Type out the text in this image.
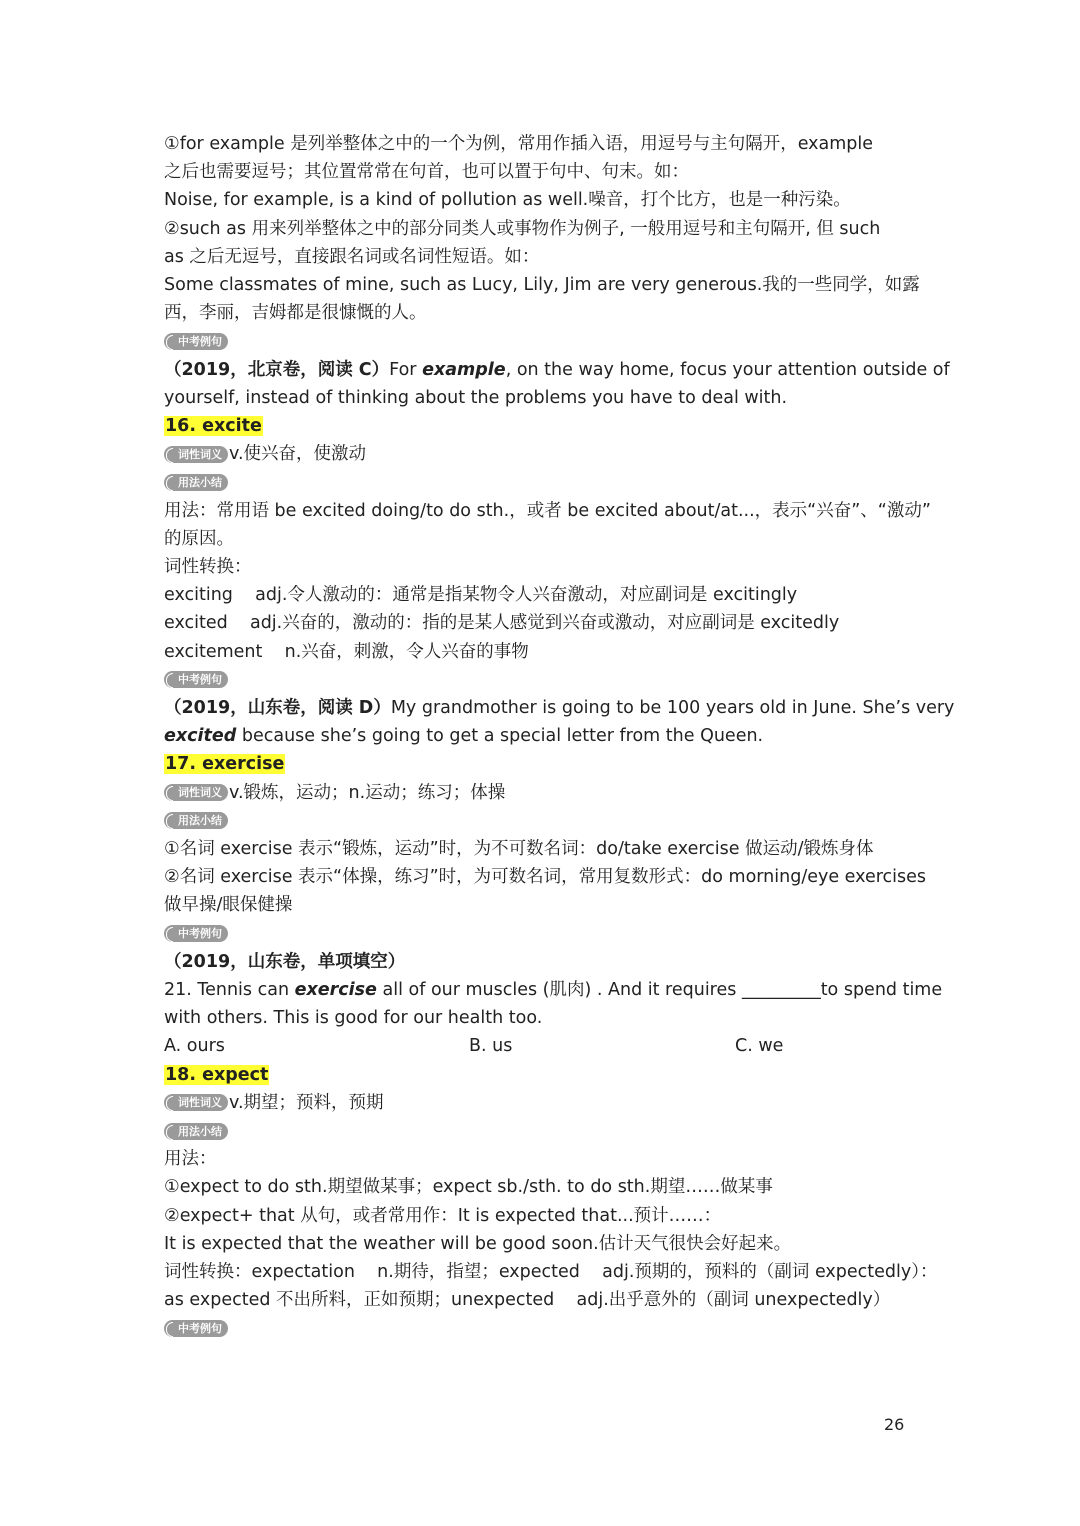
①for example 是列举整体之中的一个为例，常用作插入语，用逗号与主句隔开，example
之后也需要逗号；其位置常常在句首，也可以置于句中、句末。如：
Noise, for example, is a kind of pollution as well.噪音，打个比方，也是一种污染。
②such as 用来列举整体之中的部分同类人或事物作为例子, 一般用逗号和主句隔开, 但 such
as 之后无逗号，直接跟名词或名词性短语。如：
Some classmates of mine, such as Lucy, Lily, Jim are very generous.我的一些同学，如露
西，李丽，吉姆都是很慷慨的人。
中考例句
（2019，北京卷，阅读 C）For example, on the way home, focus your attention outside of
yourself, instead of thinking about the problems you have to deal with.
16. excite
词性词义 v.使兴奋，使激动
用法小结
用法：常用语 be excited doing/to do sth.，或者 be excited about/at...，表示“兴奋”、“激动”
的原因。
词性转换：
exciting    adj.令人激动的：通常是指某物令人兴奋激动，对应副词是 excitingly
excited    adj.兴奋的，激动的：指的是某人感觉到兴奋或激动，对应副词是 excitedly
excitement    n.兴奋，刺激，令人兴奋的事物
中考例句
（2019，山东卷，阅读 D）My grandmother is going to be 100 years old in June. She’s very
excited because she’s going to get a special letter from the Queen.
17. exercise
词性词义 v.锻炼，运动；n.运动；练习；体操
用法小结
①名词 exercise 表示“锻炼，运动”时，为不可数名词：do/take exercise 做运动/锻炼身体
②名词 exercise 表示“体操，练习”时，为可数名词，常用复数形式：do morning/eye exercises
做早操/眼保健操
中考例句
（2019，山东卷，单项填空）
21. Tennis can exercise all of our muscles (肌肉) . And it requires _________to spend time
with others. This is good for our health too.
A. ours	B. us	C. we
18. expect
词性词义 v.期望；预料，预期
用法小结
用法：
①expect to do sth.期望做某事；expect sb./sth. to do sth.期望……做某事
②expect+ that 从句，或者常用作：It is expected that...预计……：
It is expected that the weather will be good soon.估计天气很快会好起来。
词性转换：expectation    n.期待，指望；expected    adj.预期的，预料的（副词 expectedly）：
as expected 不出所料，正如预期；unexpected    adj.出乎意外的（副词 unexpectedly）
中考例句
26
